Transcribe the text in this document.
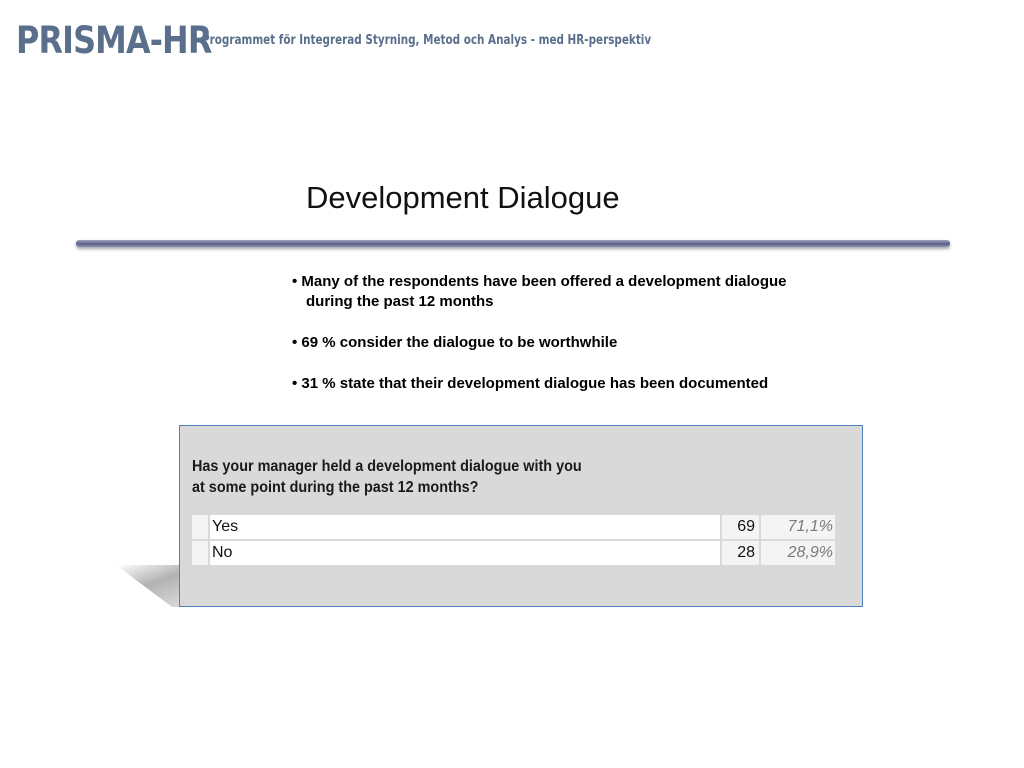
PRISMA-HR
Programmet för Integrerad Styrning, Metod och Analys - med HR-perspektiv
Development Dialogue
• Many of the respondents have been offered a development dialogue
during the past 12 months
• 69 % consider the dialogue to be worthwhile
• 31 % state that their development dialogue has been documented
Has your manager held a development dialogue with you
at some point during the past 12 months?
Yes	69	71,1%
No	28	28,9%
